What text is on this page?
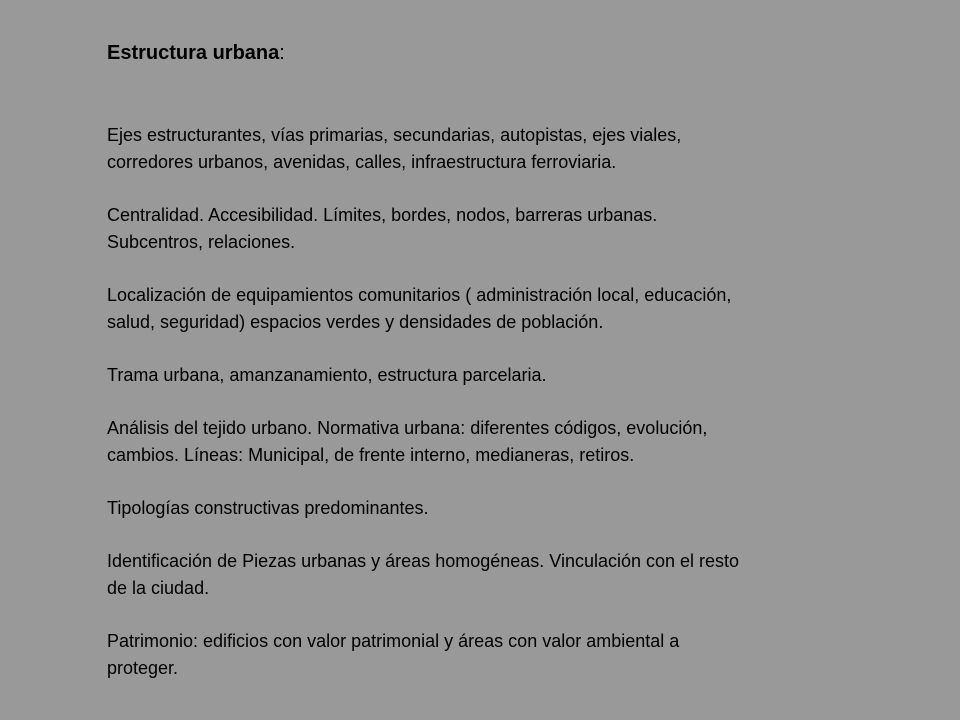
Estructura urbana:
Ejes estructurantes, vías primarias, secundarias, autopistas, ejes viales,
corredores urbanos, avenidas, calles, infraestructura ferroviaria.
Centralidad. Accesibilidad. Límites, bordes, nodos, barreras urbanas.
Subcentros, relaciones.
Localización de equipamientos comunitarios ( administración local, educación,
salud, seguridad) espacios verdes y densidades de población.
Trama urbana, amanzanamiento, estructura parcelaria.
Análisis del tejido urbano. Normativa urbana: diferentes códigos, evolución,
cambios. Líneas: Municipal, de frente interno, medianeras, retiros.
Tipologías constructivas predominantes.
Identificación de Piezas urbanas y áreas homogéneas. Vinculación con el resto
de la ciudad.
Patrimonio: edificios con valor patrimonial y áreas con valor ambiental a
proteger.
